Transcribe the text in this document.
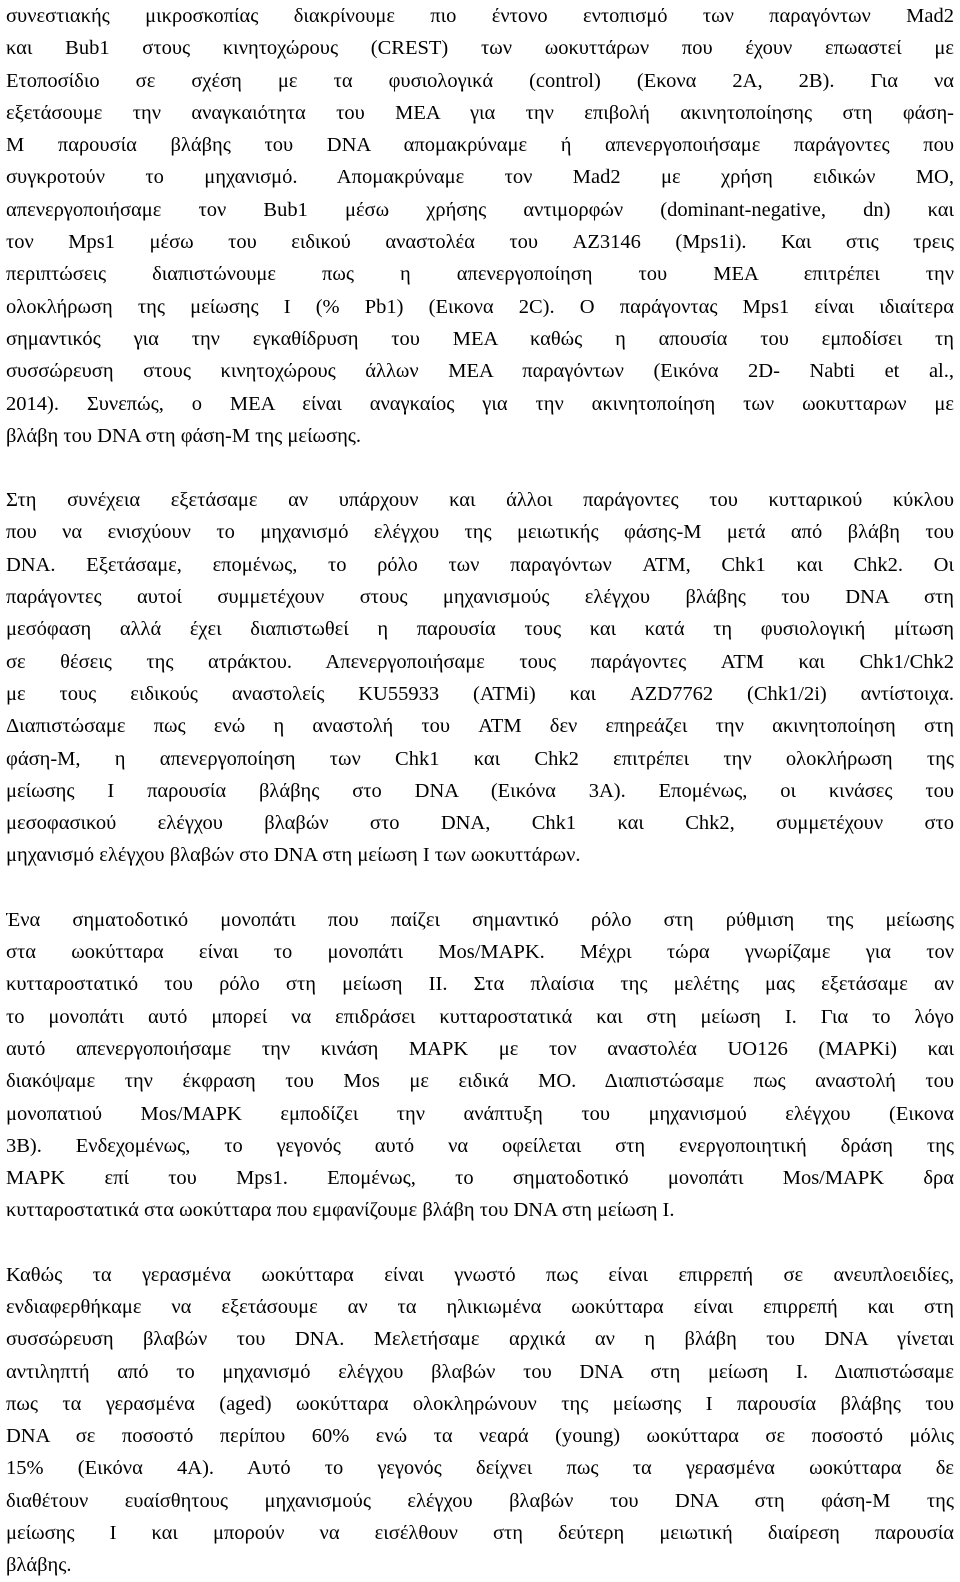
συνεστιακής μικροσκοπίας διακρίνουμε πιο έντονο εντοπισμό των παραγόντων Mad2
και Bub1 στους κινητοχώρους (CREST) των ωοκυττάρων που έχουν επωαστεί με
Ετοποσίδιο σε σχέση με τα φυσιολογικά (control) (Εκονα 2Α, 2Β). Για να
εξετάσουμε την αναγκαιότητα του ΜΕΑ για την επιβολή ακινητοποίησης στη φάση-
Μ παρουσία βλάβης του DNA απομακρύναμε ή απενεργοποιήσαμε παράγοντες που
συγκροτούν το μηχανισμό. Απομακρύναμε τον Mad2 με χρήση ειδικών ΜΟ,
απενεργοποιήσαμε τον Bub1 μέσω χρήσης αντιμορφών (dominant-negative, dn) και
τον Mps1 μέσω του ειδικού αναστολέα του AZ3146 (Mps1i). Και στις τρεις
περιπτώσεις διαπιστώνουμε πως η απενεργοποίηση του ΜΕΑ επιτρέπει την
ολοκλήρωση της μείωσης Ι (% Pb1) (Εικονα 2C). Ο παράγοντας Mps1 είναι ιδιαίτερα
σημαντικός για την εγκαθίδρυση του ΜΕΑ καθώς η απουσία του εμποδίσει τη
συσσώρευση στους κινητοχώρους άλλων ΜΕΑ παραγόντων (Εικόνα 2D- Nabti et al.,
2014). Συνεπώς, ο ΜΕΑ είναι αναγκαίος για την ακινητοποίηση των ωοκυτταρων με
βλάβη του DNA στη φάση-Μ της μείωσης.
Στη συνέχεια εξετάσαμε αν υπάρχουν και άλλοι παράγοντες του κυτταρικού κύκλου
που να ενισχύουν το μηχανισμό ελέγχου της μειωτικής φάσης-Μ μετά από βλάβη του
DNA. Εξετάσαμε, επομένως, το ρόλο των παραγόντων ATM, Chk1 και Chk2. Οι
παράγοντες αυτοί συμμετέχουν στους μηχανισμούς ελέγχου βλάβης του DNA στη
μεσόφαση αλλά έχει διαπιστωθεί η παρουσία τους και κατά τη φυσιολογική μίτωση
σε θέσεις της ατράκτου. Απενεργοποιήσαμε τους παράγοντες ATM και Chk1/Chk2
με τους ειδικούς αναστολείς KU55933 (ATMi) και AZD7762 (Chk1/2i) αντίστοιχα.
Διαπιστώσαμε πως ενώ η αναστολή του ATM δεν επηρεάζει την ακινητοποίηση στη
φάση-Μ, η απενεργοποίηση των Chk1 και Chk2 επιτρέπει την ολοκλήρωση της
μείωσης Ι παρουσία βλάβης στο DNA (Εικόνα 3Α). Επομένως, οι κινάσες του
μεσοφασικού ελέγχου βλαβών στο DNA, Chk1 και Chk2, συμμετέχουν στο
μηχανισμό ελέγχου βλαβών στο DNA στη μείωση Ι των ωοκυττάρων.
Ένα σηματοδοτικό μονοπάτι που παίζει σημαντικό ρόλο στη ρύθμιση της μείωσης
στα ωοκύτταρα είναι το μονοπάτι Mos/MAPK. Μέχρι τώρα γνωρίζαμε για τον
κυτταροστατικό του ρόλο στη μείωση ΙΙ. Στα πλαίσια της μελέτης μας εξετάσαμε αν
το μονοπάτι αυτό μπορεί να επιδράσει κυτταροστατικά και στη μείωση Ι. Για το λόγο
αυτό απενεργοποιήσαμε την κινάση MAPK με τον αναστολέα UO126 (MAPKi) και
διακόψαμε την έκφραση του Mos με ειδικά ΜΟ. Διαπιστώσαμε πως αναστολή του
μονοπατιού Mos/MAPK εμποδίζει την ανάπτυξη του μηχανισμού ελέγχου (Εικονα
3Β). Ενδεχομένως, το γεγονός αυτό να οφείλεται στη ενεργοποιητική δράση της
MAPK επί του Mps1. Επομένως, το σηματοδοτικό μονοπάτι Mos/MAPK δρα
κυτταροστατικά στα ωοκύτταρα που εμφανίζουμε βλάβη του DNA στη μείωση Ι.
Καθώς τα γερασμένα ωοκύτταρα είναι γνωστό πως είναι επιρρεπή σε ανευπλοειδίες,
ενδιαφερθήκαμε να εξετάσουμε αν τα ηλικιωμένα ωοκύτταρα είναι επιρρεπή και στη
συσσώρευση βλαβών του DNA. Μελετήσαμε αρχικά αν η βλάβη του DNA γίνεται
αντιληπτή από το μηχανισμό ελέγχου βλαβών του DNA στη μείωση Ι. Διαπιστώσαμε
πως τα γερασμένα (aged) ωοκύτταρα ολοκληρώνουν της μείωσης Ι παρουσία βλάβης του
DNA σε ποσοστό περίπου 60% ενώ τα νεαρά (young) ωοκύτταρα σε ποσοστό μόλις
15% (Εικόνα 4Α). Αυτό το γεγονός δείχνει πως τα γερασμένα ωοκύτταρα δε
διαθέτουν ευαίσθητους μηχανισμούς ελέγχου βλαβών του DNA στη φάση-Μ της
μείωσης Ι και μπορούν να εισέλθουν στη δεύτερη μειωτική διαίρεση παρουσία
βλάβης.
